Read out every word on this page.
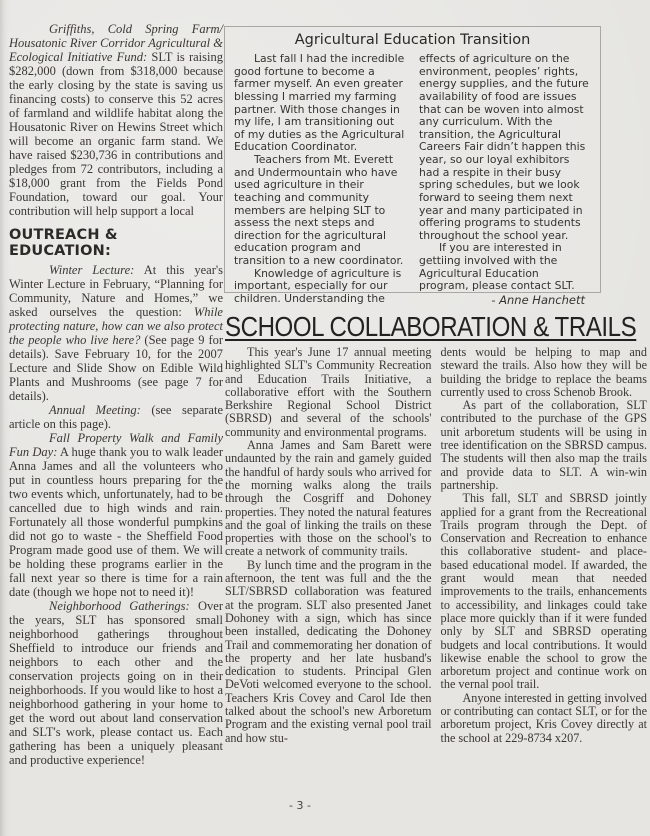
Griffiths, Cold Spring Farm/ Housatonic River Corridor Agricultural & Ecological Initiative Fund: SLT is raising $282,000 (down from $318,000 because the early closing by the state is saving us financing costs) to conserve this 52 acres of farmland and wildlife habitat along the Housatonic River on Hewins Street which will become an organic farm stand. We have raised $230,736 in contributions and pledges from 72 contributors, including a $18,000 grant from the Fields Pond Foundation, toward our goal. Your contribution will help support a local

OUTREACH & EDUCATION:

Winter Lecture: At this year's Winter Lecture in February, “Planning for Community, Nature and Homes,” we asked ourselves the question: While protecting nature, how can we also protect the people who live here? (See page 9 for details). Save February 10, for the 2007 Lecture and Slide Show on Edible Wild Plants and Mushrooms (see page 7 for details).

Annual Meeting: (see separate article on this page).

Fall Property Walk and Family Fun Day: A huge thank you to walk leader Anna James and all the volunteers who put in countless hours preparing for the two events which, unfortunately, had to be cancelled due to high winds and rain. Fortunately all those wonderful pumpkins did not go to waste - the Sheffield Food Program made good use of them. We will be holding these programs earlier in the fall next year so there is time for a rain date (though we hope not to need it)!

Neighborhood Gatherings: Over the years, SLT has sponsored small neighborhood gatherings throughout Sheffield to introduce our friends and neighbors to each other and the conservation projects going on in their neighborhoods. If you would like to host a neighborhood gathering in your home to get the word out about land conservation and SLT's work, please contact us. Each gathering has been a uniquely pleasant and productive experience!

Agricultural Education Transition

Last fall I had the incredible good fortune to become a farmer myself. An even greater blessing I married my farming partner. With those changes in my life, I am transitioning out of my duties as the Agricultural Education Coordinator.

Teachers from Mt. Everett and Undermountain who have used agriculture in their teaching and community members are helping SLT to assess the next steps and direction for the agricultural education program and transition to a new coordinator.

Knowledge of agriculture is important, especially for our children. Understanding the

effects of agriculture on the environment, peoples’ rights, energy supplies, and the future availability of food are issues that can be woven into almost any curriculum. With the transition, the Agricultural Careers Fair didn’t happen this year, so our loyal exhibitors had a respite in their busy spring schedules, but we look forward to seeing them next year and many participated in offering programs to students throughout the school year.

If you are interested in gettiing involved with the Agricultural Education program, please contact SLT.

- Anne Hanchett
SCHOOL COLLABORATION & TRAILS

This year's June 17 annual meeting highlighted SLT's Community Recreation and Education Trails Initiative, a collaborative effort with the Southern Berkshire Regional School District (SBRSD) and several of the schools' community and environmental programs.

Anna James and Sam Barett were undaunted by the rain and gamely guided the handful of hardy souls who arrived for the morning walks along the trails through the Cosgriff and Dohoney properties. They noted the natural features and the goal of linking the trails on these properties with those on the school's to create a network of community trails.

By lunch time and the program in the afternoon, the tent was full and the the SLT/SBRSD collaboration was featured at the program. SLT also presented Janet Dohoney with a sign, which has since been installed, dedicating the Dohoney Trail and commemorating her donation of the property and her late husband's dedication to students. Principal Glen DeVoti welcomed everyone to the school. Teachers Kris Covey and Carol Ide then talked about the school's new Arboretum Program and the existing vernal pool trail and how stu-

dents would be helping to map and steward the trails. Also how they will be building the bridge to replace the beams currently used to cross Schenob Brook.

As part of the collaboration, SLT contributed to the purchase of the GPS unit arboretum students will be using in tree identification on the SBRSD campus. The students will then also map the trails and provide data to SLT. A win-win partnership.

This fall, SLT and SBRSD jointly applied for a grant from the Recreational Trails program through the Dept. of Conservation and Recreation to enhance this collaborative student- and place-based educational model. If awarded, the grant would mean that needed improvements to the trails, enhancements to accessibility, and linkages could take place more quickly than if it were funded only by SLT and SBRSD operating budgets and local contributions. It would likewise enable the school to grow the arboretum project and continue work on the vernal pool trail.

Anyone interested in getting involved or contributing can contact SLT, or for the arboretum project, Kris Covey directly at the school at 229-8734 x207.

- 3 -
